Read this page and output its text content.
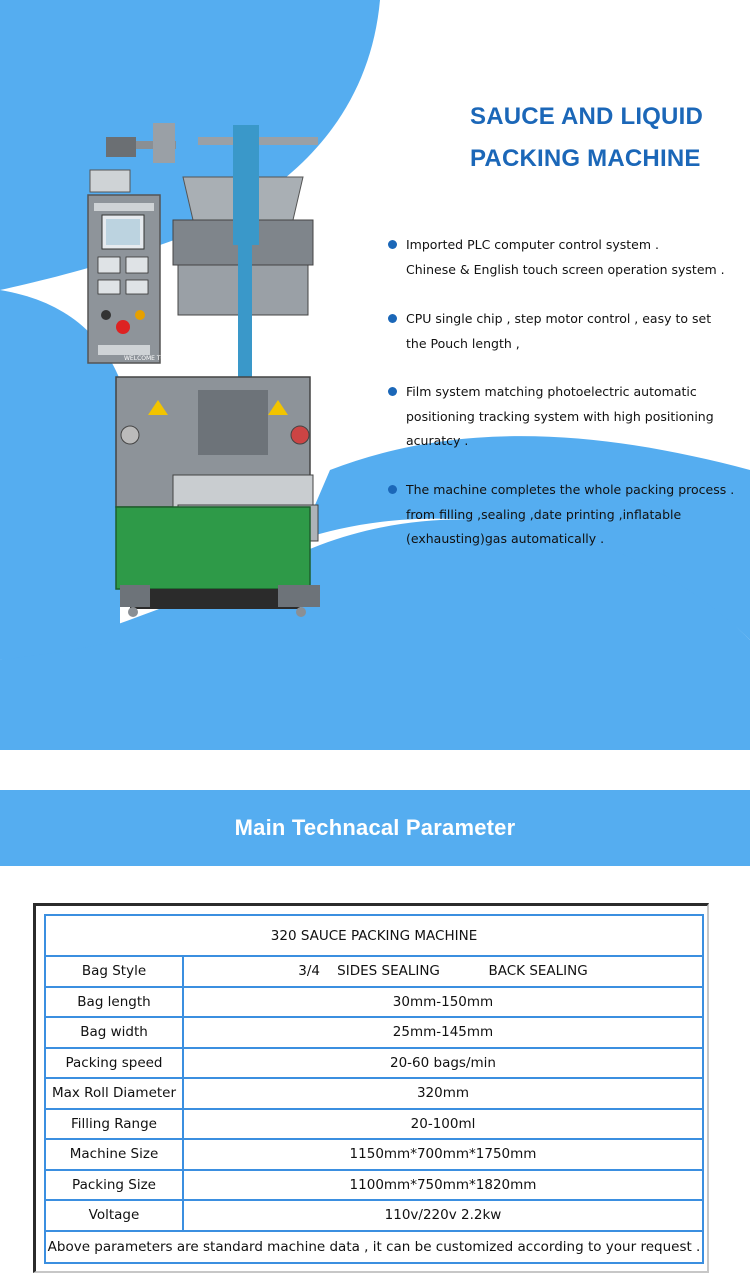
WELCOME TO USE
SAUCE AND LIQUID
PACKING MACHINE
Imported PLC computer control system .
Chinese & English touch screen operation system .
CPU single chip , step motor control , easy to set
the Pouch length ,
Film system matching photoelectric automatic
positioning tracking system with high positioning
acuratcy .
The machine completes the whole packing process .
from filling ,sealing ,date printing ,inflatable
(exhausting)gas automatically .
Main Technacal Parameter
320 SAUCE PACKING MACHINE	
Bag Style	3/4    SIDES SEALING BACK SEALING
Bag length	30mm-150mm
Bag width	25mm-145mm
Packing speed	20-60 bags/min
Max Roll Diameter	320mm
Filling Range	20-100ml
Machine Size	1150mm*700mm*1750mm
Packing Size	1100mm*750mm*1820mm
Voltage	110v/220v 2.2kw
Above parameters are standard machine data , it can be customized according to your request .	
